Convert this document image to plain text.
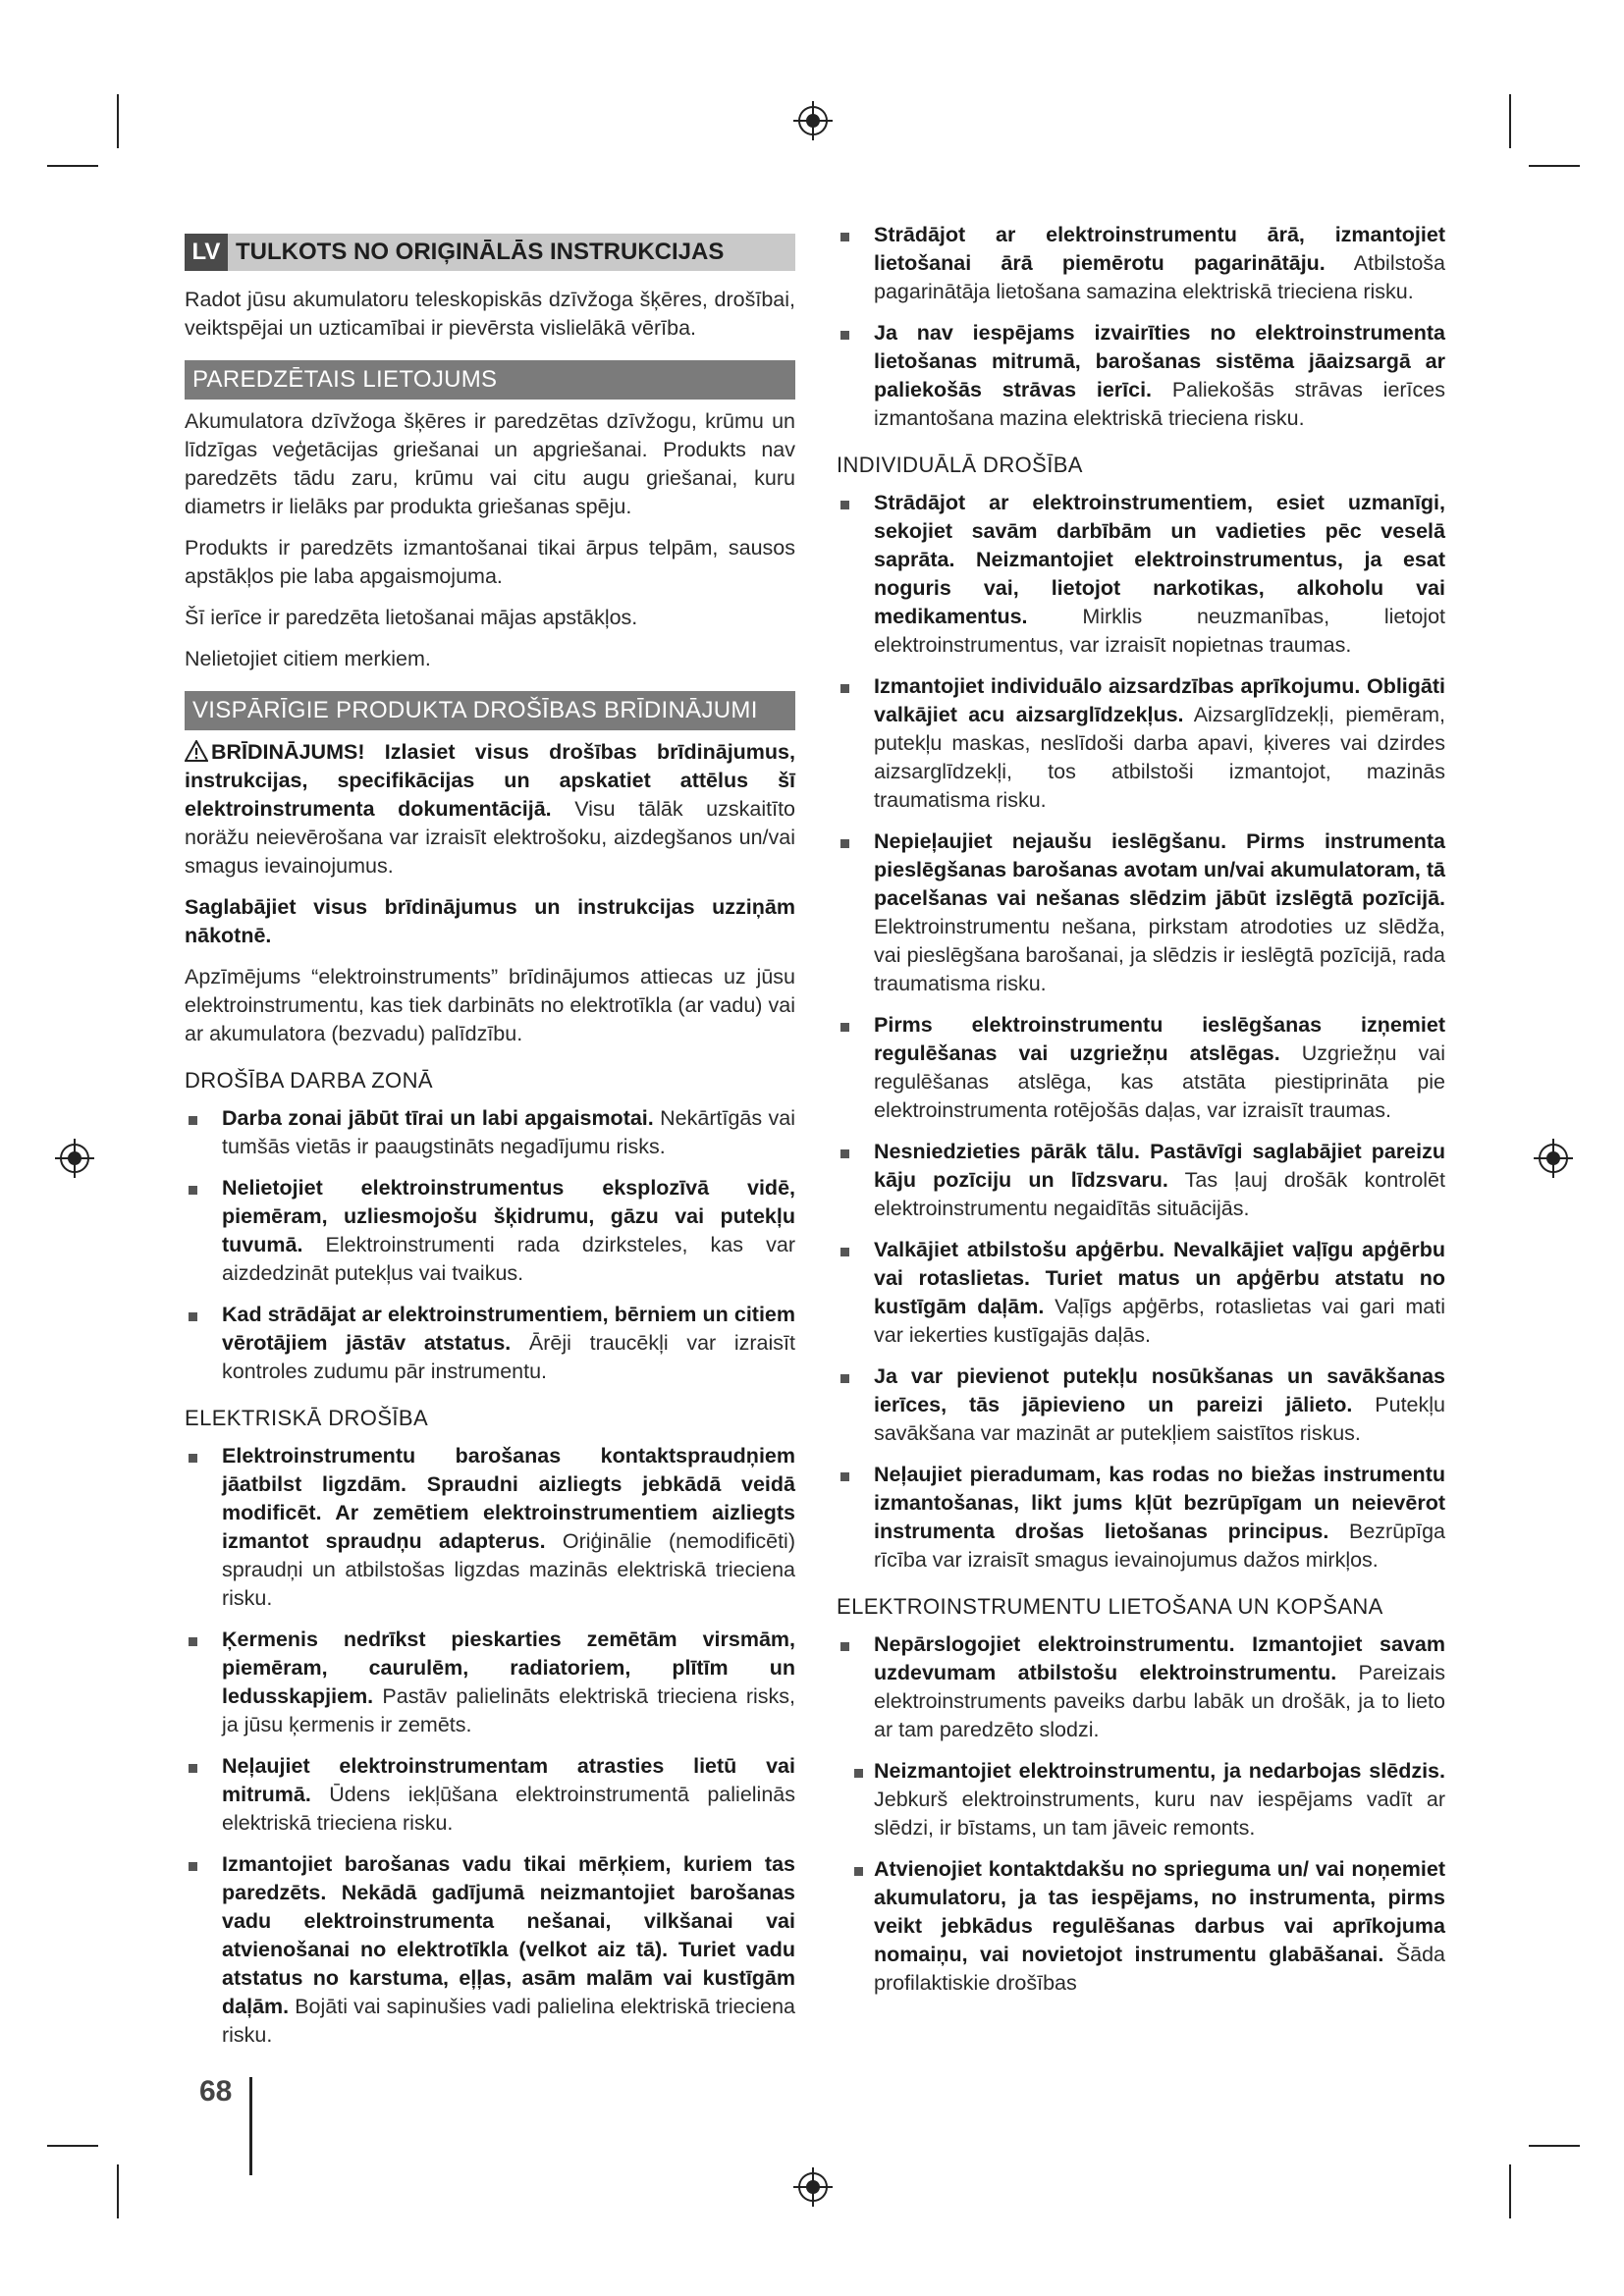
LV TULKOTS NO ORIĢINĀLĀS INSTRUKCIJAS

Radot jūsu akumulatoru teleskopiskās dzīvžoga šķēres, drošībai, veiktspējai un uzticamībai ir pievērsta vislielākā vērība.

PAREDZĒTAIS LIETOJUMS

Akumulatora dzīvžoga šķēres ir paredzētas dzīvžogu, krūmu un līdzīgas veģetācijas griešanai un apgriešanai. Produkts nav paredzēts tādu zaru, krūmu vai citu augu griešanai, kuru diametrs ir lielāks par produkta griešanas spēju.

Produkts ir paredzēts izmantošanai tikai ārpus telpām, sausos apstākļos pie laba apgaismojuma.

Šī ierīce ir paredzēta lietošanai mājas apstākļos.

Nelietojiet citiem merkiem.

VISPĀRĪGIE PRODUKTA DROŠĪBAS BRĪDINĀJUMI

BRĪDINĀJUMS! Izlasiet visus drošības brīdinājumus, instrukcijas, specifikācijas un apskatiet attēlus šī elektroinstrumenta dokumentācijā. Visu tālāk uzskaitīto noräžu neievērošana var izraisīt elektrošoku, aizdegšanos un/vai smagus ievainojumus.

Saglabājiet visus brīdinājumus un instrukcijas uzziņām nākotnē.

Apzīmējums “elektroinstruments” brīdinājumos attiecas uz jūsu elektroinstrumentu, kas tiek darbināts no elektrotīkla (ar vadu) vai ar akumulatora (bezvadu) palīdzību.

DROŠĪBA DARBA ZONĀ
Darba zonai jābūt tīrai un labi apgaismotai. Nekārtīgās vai tumšās vietās ir paaugstināts negadījumu risks.
Nelietojiet elektroinstrumentus eksplozīvā vidē, piemēram, uzliesmojošu šķidrumu, gāzu vai putekļu tuvumā. Elektroinstrumenti rada dzirksteles, kas var aizdedzināt putekļus vai tvaikus.
Kad strādājat ar elektroinstrumentiem, bērniem un citiem vērotājiem jāstāv atstatus. Ārēji traucēkļi var izraisīt kontroles zudumu pār instrumentu.
ELEKTRISKĀ DROŠĪBA
Elektroinstrumentu barošanas kontaktspraudņiem jāatbilst ligzdām. Spraudni aizliegts jebkādā veidā modificēt. Ar zemētiem elektroinstrumentiem aizliegts izmantot spraudņu adapterus. Oriģinālie (nemodificēti) spraudņi un atbilstošas ligzdas mazinās elektriskā trieciena risku.
Ķermenis nedrīkst pieskarties zemētām virsmām, piemēram, caurulēm, radiatoriem, plītīm un ledusskapjiem. Pastāv palielināts elektriskā trieciena risks, ja jūsu ķermenis ir zemēts.
Neļaujiet elektroinstrumentam atrasties lietū vai mitrumā. Ūdens iekļūšana elektroinstrumentā palielinās elektriskā trieciena risku.
Izmantojiet barošanas vadu tikai mērķiem, kuriem tas paredzēts. Nekādā gadījumā neizmantojiet barošanas vadu elektroinstrumenta nešanai, vilkšanai vai atvienošanai no elektrotīkla (velkot aiz tā). Turiet vadu atstatus no karstuma, eļļas, asām malām vai kustīgām daļām. Bojāti vai sapinušies vadi palielina elektriskā trieciena risku.
Strādājot ar elektroinstrumentu ārā, izmantojiet lietošanai ārā piemērotu pagarinātāju. Atbilstoša pagarinātāja lietošana samazina elektriskā trieciena risku.
Ja nav iespējams izvairīties no elektroinstrumenta lietošanas mitrumā, barošanas sistēma jāaizsargā ar paliekošās strāvas ierīci. Paliekošās strāvas ierīces izmantošana mazina elektriskā trieciena risku.
INDIVIDUĀLĀ DROŠĪBA
Strādājot ar elektroinstrumentiem, esiet uzmanīgi, sekojiet savām darbībām un vadieties pēc veselā saprāta. Neizmantojiet elektroinstrumentus, ja esat noguris vai, lietojot narkotikas, alkoholu vai medikamentus. Mirklis neuzmanības, lietojot elektroinstrumentus, var izraisīt nopietnas traumas.
Izmantojiet individuālo aizsardzības aprīkojumu. Obligāti valkājiet acu aizsarglīdzekļus. Aizsarglīdzekļi, piemēram, putekļu maskas, neslīdoši darba apavi, ķiveres vai dzirdes aizsarglīdzekļi, tos atbilstoši izmantojot, mazinās traumatisma risku.
Nepieļaujiet nejaušu ieslēgšanu. Pirms instrumenta pieslēgšanas barošanas avotam un/vai akumulatoram, tā pacelšanas vai nešanas slēdzim jābūt izslēgtā pozīcijā. Elektroinstrumentu nešana, pirkstam atrodoties uz slēdža, vai pieslēgšana barošanai, ja slēdzis ir ieslēgtā pozīcijā, rada traumatisma risku.
Pirms elektroinstrumentu ieslēgšanas izņemiet regulēšanas vai uzgriežņu atslēgas. Uzgriežņu vai regulēšanas atslēga, kas atstāta piestiprināta pie elektroinstrumenta rotējošās daļas, var izraisīt traumas.
Nesniedzieties pārāk tālu. Pastāvīgi saglabājiet pareizu kāju pozīciju un līdzsvaru. Tas ļauj drošāk kontrolēt elektroinstrumentu negaidītās situācijās.
Valkājiet atbilstošu apģērbu. Nevalkājiet vaļīgu apģērbu vai rotaslietas. Turiet matus un apģērbu atstatu no kustīgām daļām. Vaļīgs apģērbs, rotaslietas vai gari mati var iekerties kustīgajās daļās.
Ja var pievienot putekļu nosūkšanas un savākšanas ierīces, tās jāpievieno un pareizi jālieto. Putekļu savākšana var mazināt ar putekļiem saistītos riskus.
Neļaujiet pieradumam, kas rodas no biežas instrumentu izmantošanas, likt jums kļūt bezrūpīgam un neievērot instrumenta drošas lietošanas principus. Bezrūpīga rīcība var izraisīt smagus ievainojumus dažos mirkļos.
ELEKTROINSTRUMENTU LIETOŠANA UN KOPŠANA
Nepārslogojiet elektroinstrumentu. Izmantojiet savam uzdevumam atbilstošu elektroinstrumentu. Pareizais elektroinstruments paveiks darbu labāk un drošāk, ja to lieto ar tam paredzēto slodzi.
Neizmantojiet elektroinstrumentu, ja nedarbojas slēdzis. Jebkurš elektroinstruments, kuru nav iespējams vadīt ar slēdzi, ir bīstams, un tam jāveic remonts.
Atvienojiet kontaktdakšu no sprieguma un/ vai noņemiet akumulatoru, ja tas iespējams, no instrumenta, pirms veikt jebkādus regulēšanas darbus vai aprīkojuma nomaiņu, vai novietojot instrumentu glabāšanai. Šāda profilaktiskie drošības
68
